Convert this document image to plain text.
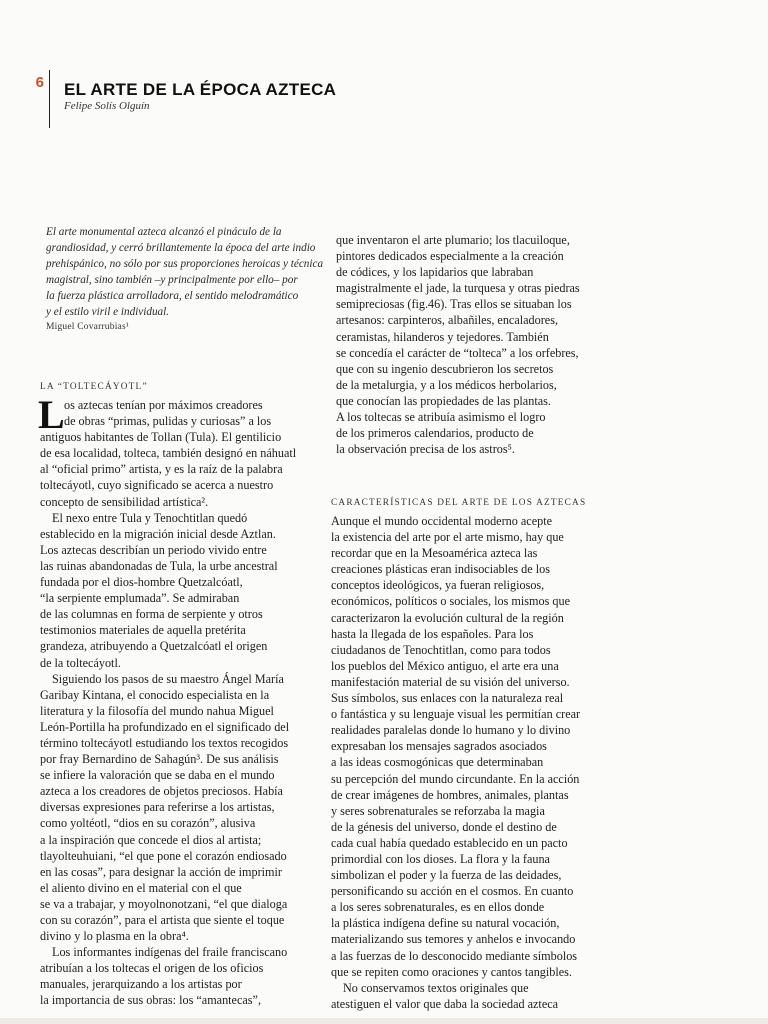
6 EL ARTE DE LA ÉPOCA AZTECA
Felipe Solís Olguín
El arte monumental azteca alcanzó el pináculo de la
grandiosidad, y cerró brillantemente la época del arte indio
prehispánico, no sólo por sus proporciones heroicas y técnica
magistral, sino también –y principalmente por ello– por
la fuerza plástica arrolladora, el sentido melodramático
y el estilo viril e individual.
Miguel Covarrubias¹
LA “TOLTECÁYOTL”
L os aztecas tenían por máximos creadores
de obras “primas, pulidas y curiosas” a los
antiguos habitantes de Tollan (Tula). El gentilicio
de esa localidad, tolteca, también designó en náhuatl
al “oficial primo” artista, y es la raíz de la palabra
toltecáyotl, cuyo significado se acerca a nuestro
concepto de sensibilidad artística².
El nexo entre Tula y Tenochtitlan quedó
establecido en la migración inicial desde Aztlan.
Los aztecas describían un periodo vivido entre
las ruinas abandonadas de Tula, la urbe ancestral
fundada por el dios-hombre Quetzalcóatl,
“la serpiente emplumada”. Se admiraban
de las columnas en forma de serpiente y otros
testimonios materiales de aquella pretérita
grandeza, atribuyendo a Quetzalcóatl el origen
de la toltecáyotl.
Siguiendo los pasos de su maestro Ángel María
Garibay Kintana, el conocido especialista en la
literatura y la filosofía del mundo nahua Miguel
León-Portilla ha profundizado en el significado del
término toltecáyotl estudiando los textos recogidos
por fray Bernardino de Sahagún³. De sus análisis
se infiere la valoración que se daba en el mundo
azteca a los creadores de objetos preciosos. Había
diversas expresiones para referirse a los artistas,
como yoltéotl, “dios en su corazón”, alusiva
a la inspiración que concede el dios al artista;
tlayolteuhuiani, “el que pone el corazón endiosado
en las cosas”, para designar la acción de imprimir
el aliento divino en el material con el que
se va a trabajar, y moyolnonotzani, “el que dialoga
con su corazón”, para el artista que siente el toque
divino y lo plasma en la obra⁴.
Los informantes indígenas del fraile franciscano
atribuían a los toltecas el origen de los oficios
manuales, jerarquizando a los artistas por
la importancia de sus obras: los “amantecas”,
que inventaron el arte plumario; los tlacuiloque,
pintores dedicados especialmente a la creación
de códices, y los lapidarios que labraban
magistralmente el jade, la turquesa y otras piedras
semipreciosas (fig.46). Tras ellos se situaban los
artesanos: carpinteros, albañiles, encaladores,
ceramistas, hilanderos y tejedores. También
se concedía el carácter de “tolteca” a los orfebres,
que con su ingenio descubrieron los secretos
de la metalurgia, y a los médicos herbolarios,
que conocían las propiedades de las plantas.
A los toltecas se atribuía asimismo el logro
de los primeros calendarios, producto de
la observación precisa de los astros⁵.
CARACTERÍSTICAS DEL ARTE DE LOS AZTECAS
Aunque el mundo occidental moderno acepte
la existencia del arte por el arte mismo, hay que
recordar que en la Mesoamérica azteca las
creaciones plásticas eran indisociables de los
conceptos ideológicos, ya fueran religiosos,
económicos, políticos o sociales, los mismos que
caracterizaron la evolución cultural de la región
hasta la llegada de los españoles. Para los
ciudadanos de Tenochtitlan, como para todos
los pueblos del México antiguo, el arte era una
manifestación material de su visión del universo.
Sus símbolos, sus enlaces con la naturaleza real
o fantástica y su lenguaje visual les permitían crear
realidades paralelas donde lo humano y lo divino
expresaban los mensajes sagrados asociados
a las ideas cosmogónicas que determinaban
su percepción del mundo circundante. En la acción
de crear imágenes de hombres, animales, plantas
y seres sobrenaturales se reforzaba la magia
de la génesis del universo, donde el destino de
cada cual había quedado establecido en un pacto
primordial con los dioses. La flora y la fauna
simbolizan el poder y la fuerza de las deidades,
personificando su acción en el cosmos. En cuanto
a los seres sobrenaturales, es en ellos donde
la plástica indígena define su natural vocación,
materializando sus temores y anhelos e invocando
a las fuerzas de lo desconocido mediante símbolos
que se repiten como oraciones y cantos tangibles.
No conservamos textos originales que
atestiguen el valor que daba la sociedad azteca
